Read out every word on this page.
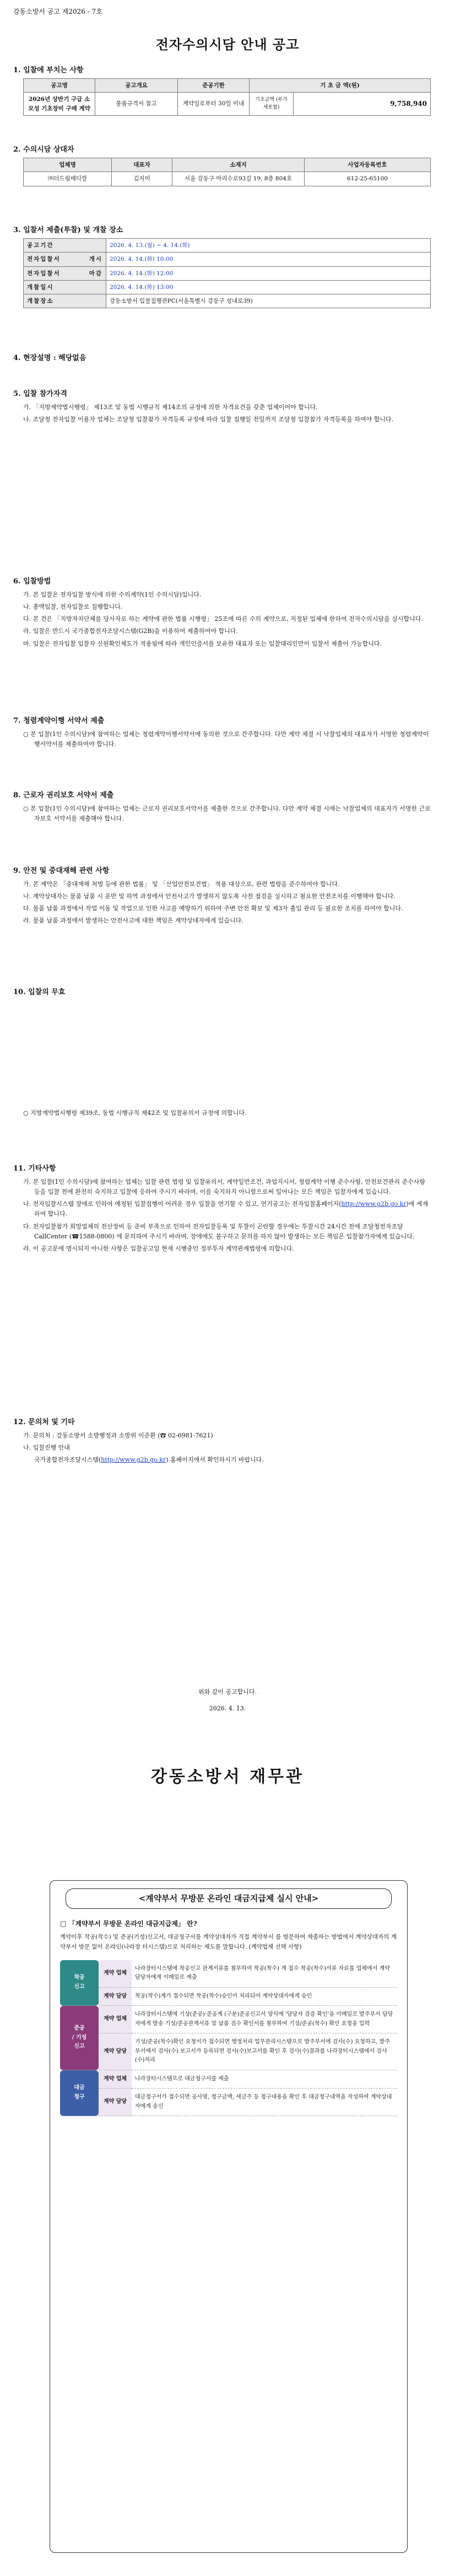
강동소방서 공고 제2026 - 7호
전자수의시담 안내 공고
1. 입찰에 부치는 사항
공고명	공고개요	준공기한	기 초 금 액(원)	
2026년 상반기 구급 소모성 기초장비 구매 계약	물품규격서 참고	계약일로부터 30일 이내	기초금액 (부가세포함)	9,758,940
2. 수의시담 상대자
업체명	대표자	소재지	사업자등록번호
㈜더드림메디칼	김지이	서울 강동구 아리수로93길 19, 8층 804호	612-25-65100
3. 입찰서 제출(투찰) 및 개찰 장소
공고기간	2026. 4. 13.(월) ~ 4. 14.(화)
전자입찰서 개시	2026. 4. 14.(화) 10:00
전자입찰서 마감	2026. 4. 14.(화) 12:00
개찰일시	2026. 4. 14.(화) 13:00
개찰장소	강동소방서 입찰집행관PC(서울특별시 강동구 성내로39)
4. 현장설명 : 해당없음
5. 입찰 참가자격

가. 「지방계약법시행령」 제13조 및 동법 시행규칙 제14조의 규정에 의한 자격요건을 갖춘 업체이어야 합니다.

나. 조달청 전자입찰 이용자 업체는 조달청 입찰참가 자격등록 규정에 따라 입찰 집행일 전일까지 조달청 입찰참가 자격등록을 하여야 합니다.

6. 입찰방법

가. 본 입찰은 전자입찰 방식에 의한 수의계약(1인 수의시담)입니다.

나. 총액입찰, 전자입찰로 집행합니다.

다. 본 건은 「지방자치단체를 당사자로 하는 계약에 관한 법률 시행령」 25조에 따른 수의 계약으로, 지정된 업체에 한하여 전자수의시담을 실시합니다.

라. 입찰은 반드시 국가종합전자조달시스템(G2B)을 이용하여 제출하여야 합니다.

마. 입찰은 전자입찰 입찰자 신원확인제도가 적용됨에 따라 개인인증서를 보유한 대표자 또는 입찰대리인만이 입찰서 제출이 가능합니다.

7. 청렴계약이행 서약서 제출

○ 본 입찰(1인 수의시담)에 참여하는 업체는 청렴계약이행서약서에 동의한 것으로 간주합니다. 다만 계약 체결 시 낙찰업체의 대표자가 서명한 청렴계약이행서약서를 제출하여야 합니다.

8. 근로자 권리보호 서약서 제출

○ 본 입찰(1인 수의시담)에 참여하는 업체는 근로자 권리보호서약서를 제출한 것으로 간주합니다. 다만 계약 체결 시에는 낙찰업체의 대표자가 서명한 근로자보호 서약서를 제출해야 합니다.

9. 안전 및 중대재해 관련 사항

가. 본 계약은 「중대재해 처벌 등에 관한 법률」 및 「산업안전보건법」 적용 대상으로, 관련 법령을 준수하여야 합니다.

나. 계약상대자는 물품 납품 시 운반 및 하역 과정에서 안전사고가 발생하지 않도록 사전 점검을 실시하고 필요한 안전조치를 이행해야 합니다.

다. 물품 납품 과정에서 작업 이동 및 작업으로 인한 사고를 예방하기 위하여 주변 안전 확보 및 제3자 출입 관리 등 필요한 조치를 하여야 합니다.

라. 물품 납품 과정에서 발생하는 안전사고에 대한 책임은 계약상대자에게 있습니다.

10. 입찰의 무효

○ 지방계약법시행령 제39조, 동법 시행규칙 제42조 및 입찰유의서 규정에 의합니다.

11. 기타사항

가. 본 입찰(1인 수의시담)에 참여하는 업체는 입찰 관련 법령 및 입찰유의서, 계약일반조건, 과업지시서, 청렴계약 이행 준수사항, 안전보건관리 준수사항 등을 입찰 전에 완전히 숙지하고 입찰에 응하여 주시기 바라며, 이를 숙지하지 아니함으로써 일어나는 모든 책임은 입찰자에게 있습니다.

나. 전자입찰시스템 장애로 인하여 예정된 입찰집행이 어려운 경우 입찰을 연기할 수 있고, 연기공고는 전자입찰홈페이지(http://www.g2b.go.kr)에 게재하여 합니다.

다. 전자입찰참가 희망업체의 전산장비 등 준비 부족으로 인하여 전자입찰등록 및 투찰이 곤란할 경우에는 투찰시간 24시간 전에 조달청전자조달 CallCenter (☎1588-0800) 에 문의하여 주시기 바라며, 장애에도 불구하고 문의를 하지 않아 발생하는 모든 책임은 입찰참가자에게 있습니다.

라. 이 공고문에 명시되지 아니한 사항은 입찰공고일 현재 시행중인 정부투자 계약관계법령에 의합니다.

12. 문의처 및 기타

가. 문의처 : 강동소방서 소방행정과 소방위 이준환 (☎ 02-6981-7621)

나. 입찰진행 안내

국가종합전자조달시스템(http://www.g2b.go.kr) 홈페이지에서 확인하시기 바랍니다.

위와 같이 공고합니다.
2026. 4. 13.
강동소방서 재무관
<계약부서 무방문 온라인 대금지급제 실시 안내>
□ 「계약부서 무방문 온라인 대금지급제」 란?
계약이후 착공(착수) 및 준공(기성)신고서, 대금청구서를 계약상대자가 직접 계약부서 를 방문하여 제출하는 방법에서 계약상대자의 계약부서 방문 없이 온라인(나라장 터시스템)으로 처리하는 제도를 말합니다. (계약업체 선택 사항)
착공
신고	계약 업체	나라장터시스템에 착공신고 관계서류를 첨부하여 착공(착수) 계 접수 착공(착수)서류 자료를 업체에서 계약담당자에게 이메일로 제출
	계약 담당	착공(착수)계가 접수되면 착공(착수)승인이 처리되어 계약상대자에게 승인

준공
/ 기성
신고	계약 업체	나라장터시스템에 기성(준공)·준공계 (구분)준공신고서 양식에 '담당자 검증 확인'을 이메일로 발주부서 담당자에게 발송 기성/준공관계서류 및 납품 검수 확인서를 첨부하여 기성/준공(착수) 확인 요청을 입력
	계약 담당	기성/준공(착수)확인 요청서가 접수되면 행정처리 업무관리시스템으로 발주부서에 검사(수) 요청하고, 발주부서에서 검사(수) 보고서가 등록되면 검사(수)보고서를 확인 후 검사(수)결과를 나라장터시스템에서 검사(수)처리

대금
청구	계약 업체	나라장터시스템으로 대금청구서를 제출
	계약 담당	대금청구서가 접수되면 공사명, 청구금액, 세금주 등 청구내용을 확인 후 대금청구내역을 작성하여 계약상대자에게 송신
